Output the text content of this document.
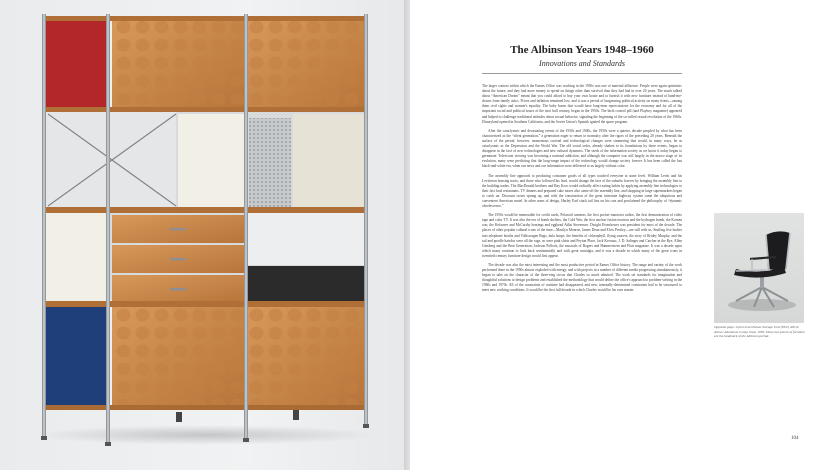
The Albinson Years 1948–1960
Innovations and Standards

The larger context within which the Eames Office was working in the 1950s was one of material affluence. People were again optimistic about the future, and they had more money to spend on things other than survival than they had had in over 20 years. The much talked about “American Dream” meant that you could afford to buy your own house and to furnish it with new furniture instead of hand-me-downs from family attics. Prices and inflation remained low, and it was a period of burgeoning political activity on many fronts—among them civil rights and women's equality. The baby boom that would have long-term repercussions for the economy and for all of the important social and political issues of the next half century, began in the 1950s. The birth control pill (and Playboy magazine) appeared and helped to challenge traditional attitudes about sexual behavior, signaling the beginning of the so-called sexual revolution of the 1960s. Disneyland opened in Southern California, and the Soviet Union's Sputnik ignited the space program.

After the cataclysmic and devastating events of the 1930s and 1940s, the 1950s were a quieter, decade peopled by what has been characterized as the “silent generation,” a generation eager to return to normalcy after the rigors of the preceding 20 years. Beneath the surface of the period, however, momentous societal and technological changes were simmering that would, in many ways, be as cataclysmic as the Depression and the World War. The old social order, already shaken to its foundations by these events, began to disappear in the face of new technologies and new cultural dynamics. The seeds of the information society as we know it today began to germinate. Television viewing was becoming a national addiction, and although the computer was still largely in the macro stage of its evolution, many were predicting that the long-range impact of the technology would change society forever. It has been called the last black-and-white era, when our news and our information were delivered to us largely without color.

The assembly line approach to producing consumer goods of all types touched everyone at some level. William Levitt and his Levittown housing tracts, and those who followed his lead, would change the face of the suburbs forever by bringing the assembly line to the building trades. The MacDonald brothers and Ray Kroc would radically affect eating habits by applying assembly line technologies to their fast food restaurants. TV dinners and prepared cake mixes also came off the assembly line, and shopping in large supermarkets began to catch on. Discount stores sprang up, and with the construction of the great interstate highway system came the ubiquitous and convenient American motel. In other areas of design, Harley Earl stuck tail fins on his cars and proclaimed the philosophy of “dynamic obsolescence.”

The 1950s would be memorable for credit cards, Polaroid cameras, the first pocket transistor radios, the first demonstration of video tape and color TV. It was also the era of bomb shelters, the Cold War, the first nuclear fusion reaction and the hydrogen bomb, the Korean war, the Kefauver and McCarthy hearings and egghead Adlai Stevenson. Dwight Eisenhower was president for most of the decade. The places of other popular cultural icons of the time—Marilyn Monroe, James Dean and Elvis Presley—are still with us. Stuffing five bodies into telephone booths and Volkswagen Bugs, hula hoops, the benefits of chlorophyll, flying saucers, the story of Bridey Murphy, and the tail and poodle hairdos were all the rage, as were pink shirts and Peyton Place, Jack Kerouac, J. D. Salinger and Catcher in the Rye, Allen Ginsberg and the Beat Generation, Jackson Pollock, the musicals of Rogers and Hammerstein and Flair magazine. It was a decade upon which many continue to look back sentimentally and with great nostalgia, and it was a decade in which many of the great icons in twentieth century furniture design would first appear.

The decade was also the most interesting and the most productive period in Eames Office history. The range and variety of the work performed there in the 1950s almost exploded with energy, and with projects in a number of different media progressing simultaneously, it began to take on the character of the three-ring circus that Charles so much admired. The work set standards for imagination and thoughtful solutions to design problems and established the methodology that would define the office's approach to problem-solving in the 1960s and 1970s. All of the constraints of wartime had disappeared, and new, internally-determined constraints had to be structured to meet new working conditions. It would be the first full decade in which Charles would be his own master.

Opposite page: A four-level Eames Storage Unit (ESU) 400-N. Above: Aluminum Group chair, 1958. These two pieces of furniture are the landmark of the Albinson period.
104
